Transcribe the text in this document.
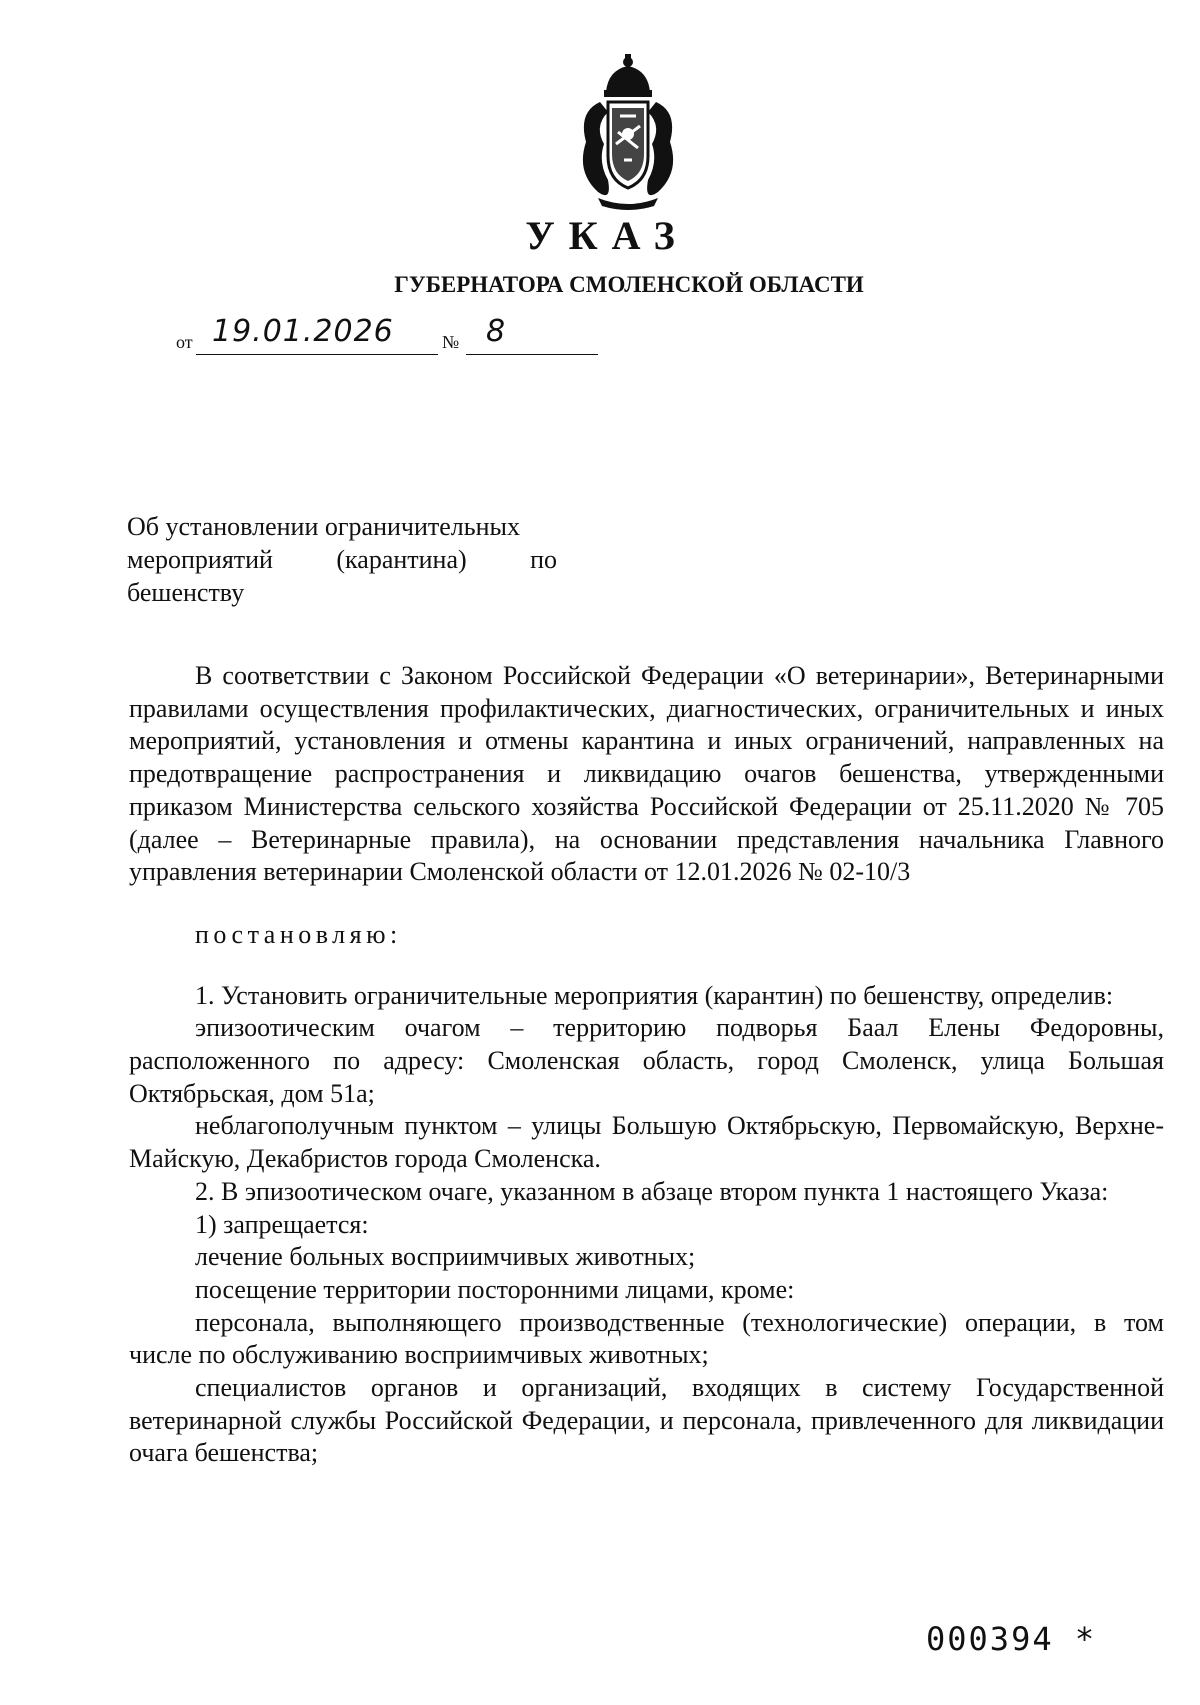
УКАЗ
ГУБЕРНАТОРА СМОЛЕНСКОЙ ОБЛАСТИ
от 19.01.2026	№ 8
Об установлении ограничительных
мероприятий (карантина) по
бешенству

В соответствии с Законом Российской Федерации «О ветеринарии», Ветеринарными правилами осуществления профилактических, диагностических, ограничительных и иных мероприятий, установления и отмены карантина и иных ограничений, направленных на предотвращение распространения и ликвидацию очагов бешенства, утвержденными приказом Министерства сельского хозяйства Российской Федерации от 25.11.2020 № 705 (далее – Ветеринарные правила), на основании представления начальника Главного управления ветеринарии Смоленской области от 12.01.2026 № 02-10/3

постановляю:

1. Установить ограничительные мероприятия (карантин) по бешенству, определив:

эпизоотическим очагом – территорию подворья Баал Елены Федоровны, расположенного по адресу: Смоленская область, город Смоленск, улица Большая Октябрьская, дом 51а;

неблагополучным пунктом – улицы Большую Октябрьскую, Первомайскую, Верхне-Майскую, Декабристов города Смоленска.

2. В эпизоотическом очаге, указанном в абзаце втором пункта 1 настоящего Указа:

1) запрещается:

лечение больных восприимчивых животных;

посещение территории посторонними лицами, кроме:

персонала, выполняющего производственные (технологические) операции, в том числе по обслуживанию восприимчивых животных;

специалистов органов и организаций, входящих в систему Государственной ветеринарной службы Российской Федерации, и персонала, привлеченного для ликвидации очага бешенства;

000394 *
